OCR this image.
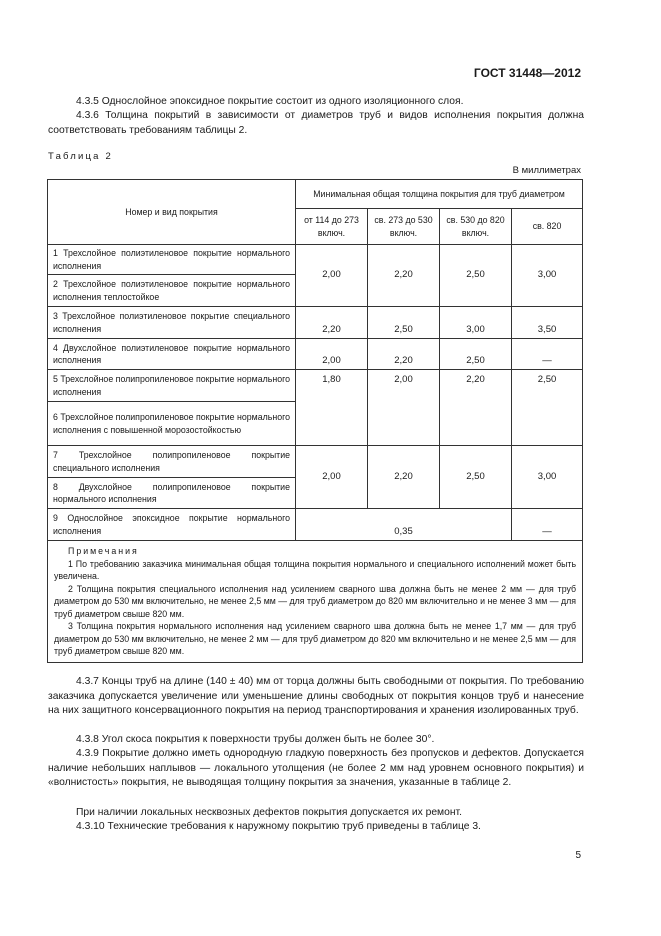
ГОСТ 31448—2012

4.3.5 Однослойное эпоксидное покрытие состоит из одного изоляционного слоя.

4.3.6 Толщина покрытий в зависимости от диаметров труб и видов исполнения покрытия должна соответствовать требованиям таблицы 2.

Таблица 2
В миллиметрах
Номер и вид покрытия	Минимальная общая толщина покрытия для труб диаметром			
	от 114 до 273 включ.	св. 273 до 530 включ.	св. 530 до 820 включ.	св. 820
1 Трехслойное полиэтиленовое покрытие нормального исполнения	2,00	2,20	2,50	3,00
2 Трехслойное полиэтиленовое покрытие нормального исполнения теплостойкое				
3 Трехслойное полиэтиленовое покрытие специального исполнения	2,20	2,50	3,00	3,50
4 Двухслойное полиэтиленовое покрытие нормального исполнения	2,00	2,20	2,50	—
5 Трехслойное полипропиленовое покрытие нормального исполнения	1,80	2,00	2,20	2,50
6 Трехслойное полипропиленовое покрытие нормального исполнения с повышенной морозостойкостью				
7 Трехслойное полипропиленовое покрытие специального исполнения	2,00	2,20	2,50	3,00
8 Двухслойное полипропиленовое покрытие нормального исполнения				
9 Однослойное эпоксидное покрытие нормального исполнения	0,35			—

Примечания
1 По требованию заказчика минимальная общая толщина покрытия нормального и специального исполнений может быть увеличена.
2 Толщина покрытия специального исполнения над усилением сварного шва должна быть не менее 2 мм — для труб диаметром до 530 мм включительно, не менее 2,5 мм — для труб диаметром до 820 мм включительно и не менее 3 мм — для труб диаметром свыше 820 мм.
3 Толщина покрытия нормального исполнения над усилением сварного шва должна быть не менее 1,7 мм — для труб диаметром до 530 мм включительно, не менее 2 мм — для труб диаметром до 820 мм включительно и не менее 2,5 мм — для труб диаметром свыше 820 мм.				

4.3.7 Концы труб на длине (140 ± 40) мм от торца должны быть свободными от покрытия. По требованию заказчика допускается увеличение или уменьшение длины свободных от покрытия концов труб и нанесение на них защитного консервационного покрытия на период транспортирования и хранения изолированных труб.

4.3.8 Угол скоса покрытия к поверхности трубы должен быть не более 30°.

4.3.9 Покрытие должно иметь однородную гладкую поверхность без пропусков и дефектов. Допускается наличие небольших наплывов — локального утолщения (не более 2 мм над уровнем основного покрытия) и «волнистость» покрытия, не выводящая толщину покрытия за значения, указанные в таблице 2.

При наличии локальных несквозных дефектов покрытия допускается их ремонт.

4.3.10 Технические требования к наружному покрытию труб приведены в таблице 3.

5
